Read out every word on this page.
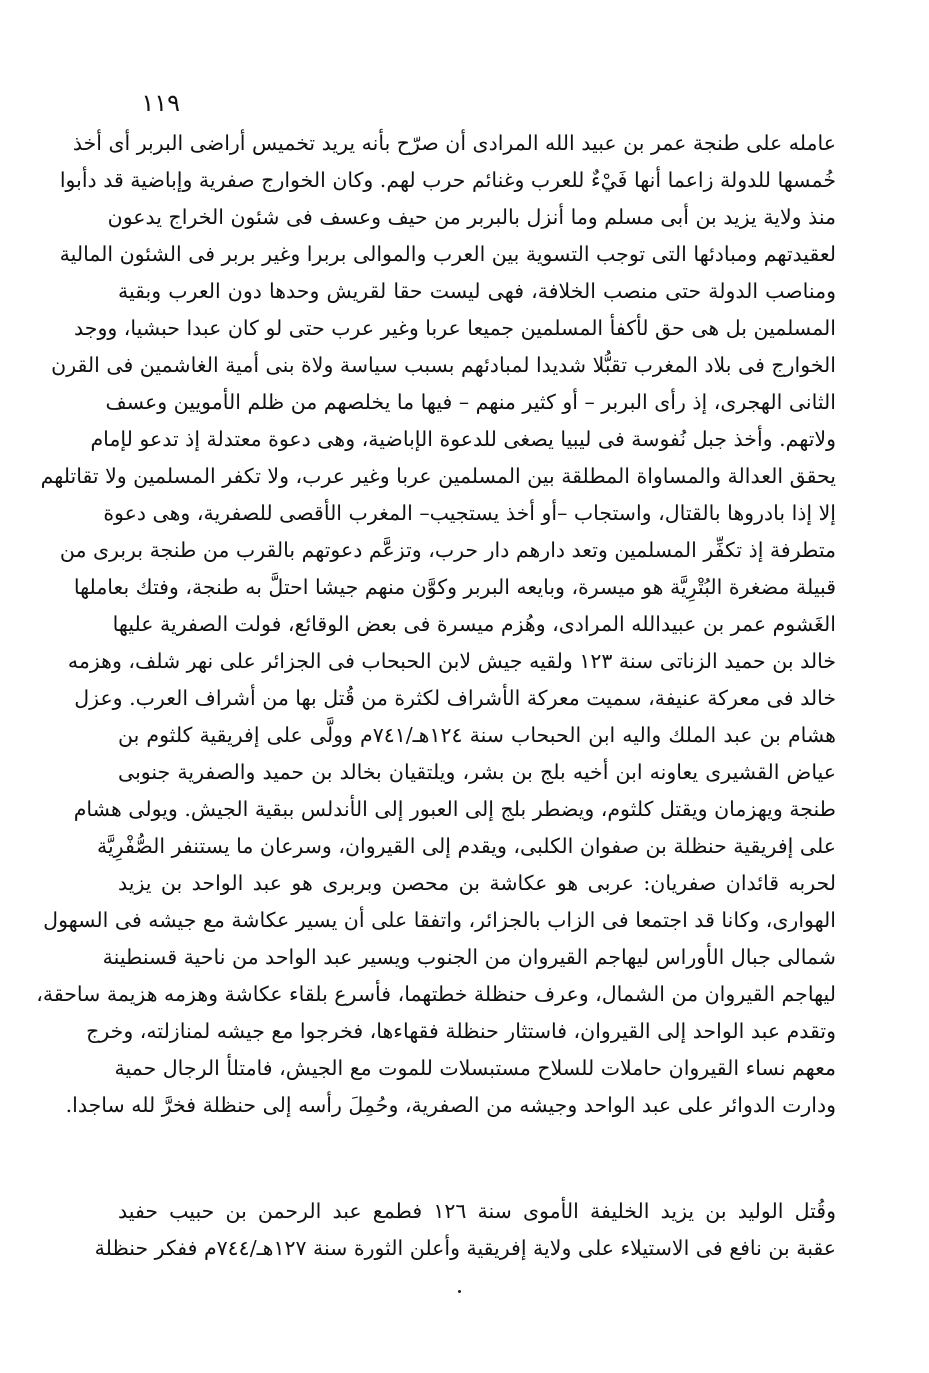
١١٩
عامله على طنجة عمر بن عبيد الله المرادى أن صرّح بأنه يريد تخميس أراضى البربر أى أخذ
خُمسها للدولة زاعما أنها فَيْءٌ للعرب وغنائم حرب لهم. وكان الخوارج صفرية وإباضية قد دأبوا
منذ ولاية يزيد بن أبى مسلم وما أنزل بالبربر من حيف وعسف فى شئون الخراج يدعون
لعقيدتهم ومبادئها التى توجب التسوية بين العرب والموالى بربرا وغير بربر فى الشئون المالية
ومناصب الدولة حتى منصب الخلافة، فهى ليست حقا لقريش وحدها دون العرب وبقية
المسلمين بل هى حق لأكفأ المسلمين جميعا عربا وغير عرب حتى لو كان عبدا حبشيا، ووجد
الخوارج فى بلاد المغرب تقبُّلا شديدا لمبادئهم بسبب سياسة ولاة بنى أمية الغاشمين فى القرن
الثانى الهجرى، إذ رأى البربر – أو كثير منهم – فيها ما يخلصهم من ظلم الأمويين وعسف
ولاتهم. وأخذ جبل نُفوسة فى ليبيا يصغى للدعوة الإباضية، وهى دعوة معتدلة إذ تدعو لإمام
يحقق العدالة والمساواة المطلقة بين المسلمين عربا وغير عرب، ولا تكفر المسلمين ولا تقاتلهم
إلا إذا بادروها بالقتال، واستجاب –أو أخذ يستجيب– المغرب الأقصى للصفرية، وهى دعوة
متطرفة إذ تكفِّر المسلمين وتعد دارهم دار حرب، وتزعَّم دعوتهم بالقرب من طنجة بربرى من
قبيلة مضغرة البُتْرِيَّة هو ميسرة، وبايعه البربر وكوَّن منهم جيشا احتلَّ به طنجة، وفتك بعاملها
الغَشوم عمر بن عبيدالله المرادى، وهُزم ميسرة فى بعض الوقائع، فولت الصفرية عليها
خالد بن حميد الزناتى سنة ١٢٣ ولقيه جيش لابن الحبحاب فى الجزائر على نهر شلف، وهزمه
خالد فى معركة عنيفة، سميت معركة الأشراف لكثرة من قُتل بها من أشراف العرب. وعزل
هشام بن عبد الملك واليه ابن الحبحاب سنة ١٢٤هـ/٧٤١م وولَّى على إفريقية كلثوم بن
عياض القشيرى يعاونه ابن أخيه بلج بن بشر، ويلتقيان بخالد بن حميد والصفرية جنوبى
طنجة ويهزمان ويقتل كلثوم، ويضطر بلج إلى العبور إلى الأندلس ببقية الجيش. ويولى هشام
على إفريقية حنظلة بن صفوان الكلبى، ويقدم إلى القيروان، وسرعان ما يستنفر الصُّفْرِيَّة
لحربه قائدان صفريان: عربى هو عكاشة بن محصن وبربرى هو عبد الواحد بن يزيد
الهوارى، وكانا قد اجتمعا فى الزاب بالجزائر، واتفقا على أن يسير عكاشة مع جيشه فى السهول
شمالى جبال الأوراس ليهاجم القيروان من الجنوب ويسير عبد الواحد من ناحية قسنطينة
ليهاجم القيروان من الشمال، وعرف حنظلة خطتهما، فأسرع بلقاء عكاشة وهزمه هزيمة ساحقة،
وتقدم عبد الواحد إلى القيروان، فاستثار حنظلة فقهاءها، فخرجوا مع جيشه لمنازلته، وخرج
معهم نساء القيروان حاملات للسلاح مستبسلات للموت مع الجيش، فامتلأ الرجال حمية
ودارت الدوائر على عبد الواحد وجيشه من الصفرية، وحُمِلَ رأسه إلى حنظلة فخرَّ لله ساجدا.
وقُتل الوليد بن يزيد الخليفة الأموى سنة ١٢٦ فطمع عبد الرحمن بن حبيب حفيد
عقبة بن نافع فى الاستيلاء على ولاية إفريقية وأعلن الثورة سنة ١٢٧هـ/٧٤٤م ففكر حنظلة
